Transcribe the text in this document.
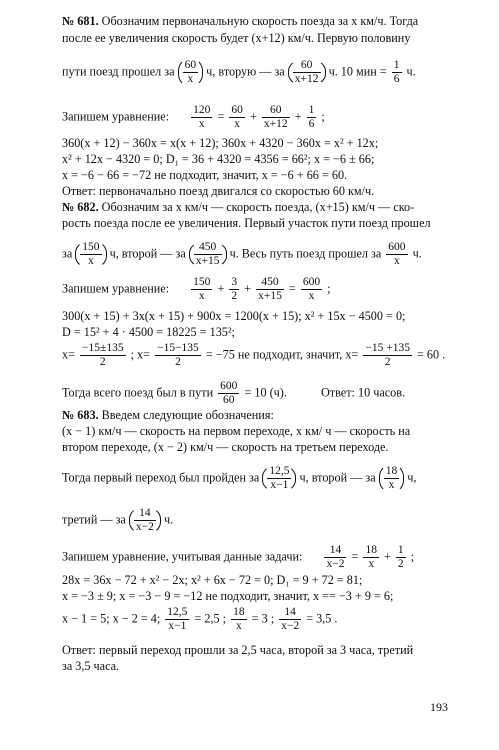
№ 681. Обозначим первоначальную скорость поезда за x км/ч. Тогда
после ее увеличения скорость будет (x+12) км/ч. Первую половину
пути поезд прошел за $\frac{60}{x} ч$, вторую — за $\frac{60}{x+12} ч$. 10 мин = $\frac{1}{6} ч$.
Запишем уравнение: $\frac{120}{x} = \frac{60}{x} + \frac{60}{x+12} + \frac{1}{6}$ ;
360(x + 12) − 360x = x(x + 12); 360x + 4320 − 360x = x² + 12x;
x² + 12x − 4320 = 0; D₁ = 36 + 4320 = 4356 = 66²; x = −6 ± 66;
x = −6 − 66 = −72 не подходит, значит, x = −6 + 66 = 60.
Ответ: первоначально поезд двигался со скоростью 60 км/ч.
№ 682. Обозначим за x км/ч — скорость поезда, (x+15) км/ч — ско-
рость поезда после ее увеличения. Первый участок пути поезд прошел
за $\frac{150}{x} ч$, второй — за $\frac{450}{x+15} ч$. Весь путь поезд прошел за $\frac{600}{x} ч$.
Запишем уравнение: $\frac{150}{x} + \frac{3}{2} + \frac{450}{x+15} = \frac{600}{x}$ ;
300(x + 15) + 3x(x + 15) + 900x = 1200(x + 15); x² + 15x − 4500 = 0;
D = 15² + 4 · 4500 = 18225 = 135²;
$x= \frac{-15\pm 135}{2}$ ; $x= \frac{-15-135}{2} = -75$ не подходит, значит, $x= \frac{-15 +135}{2} = 60$ .
Тогда всего поезд был в пути $\frac{600}{60} = 10$ (ч).	Ответ: 10 часов.
№ 683. Введем следующие обозначения:
(x − 1) км/ч — скорость на первом переходе, x км/ ч — скорость на
втором переходе, (x − 2) км/ч — скорость на третьем переходе.
Тогда первый переход был пройден за $\frac{12,5}{x-1} ч$, второй — за $\frac{18}{x} ч$,
третий — за $\frac{14}{x-2} ч$.
Запишем уравнение, учитывая данные задачи: $\frac{14}{x-2} = \frac{18}{x} + \frac{1}{2}$ ;
28x = 36x − 72 + x² − 2x; x² + 6x − 72 = 0; D₁ = 9 + 72 = 81;
x = −3 ± 9; x = −3 − 9 = −12 не подходит, значит, x == −3 + 9 = 6;
x − 1 = 5; x − 2 = 4; $\frac{12,5}{x-1} = 2,5$ ; $\frac{18}{x} = 3$ ; $\frac{14}{x-2} = 3,5$ .
Ответ: первый переход прошли за 2,5 часа, второй за 3 часа, третий
за 3,5 часа.
193
